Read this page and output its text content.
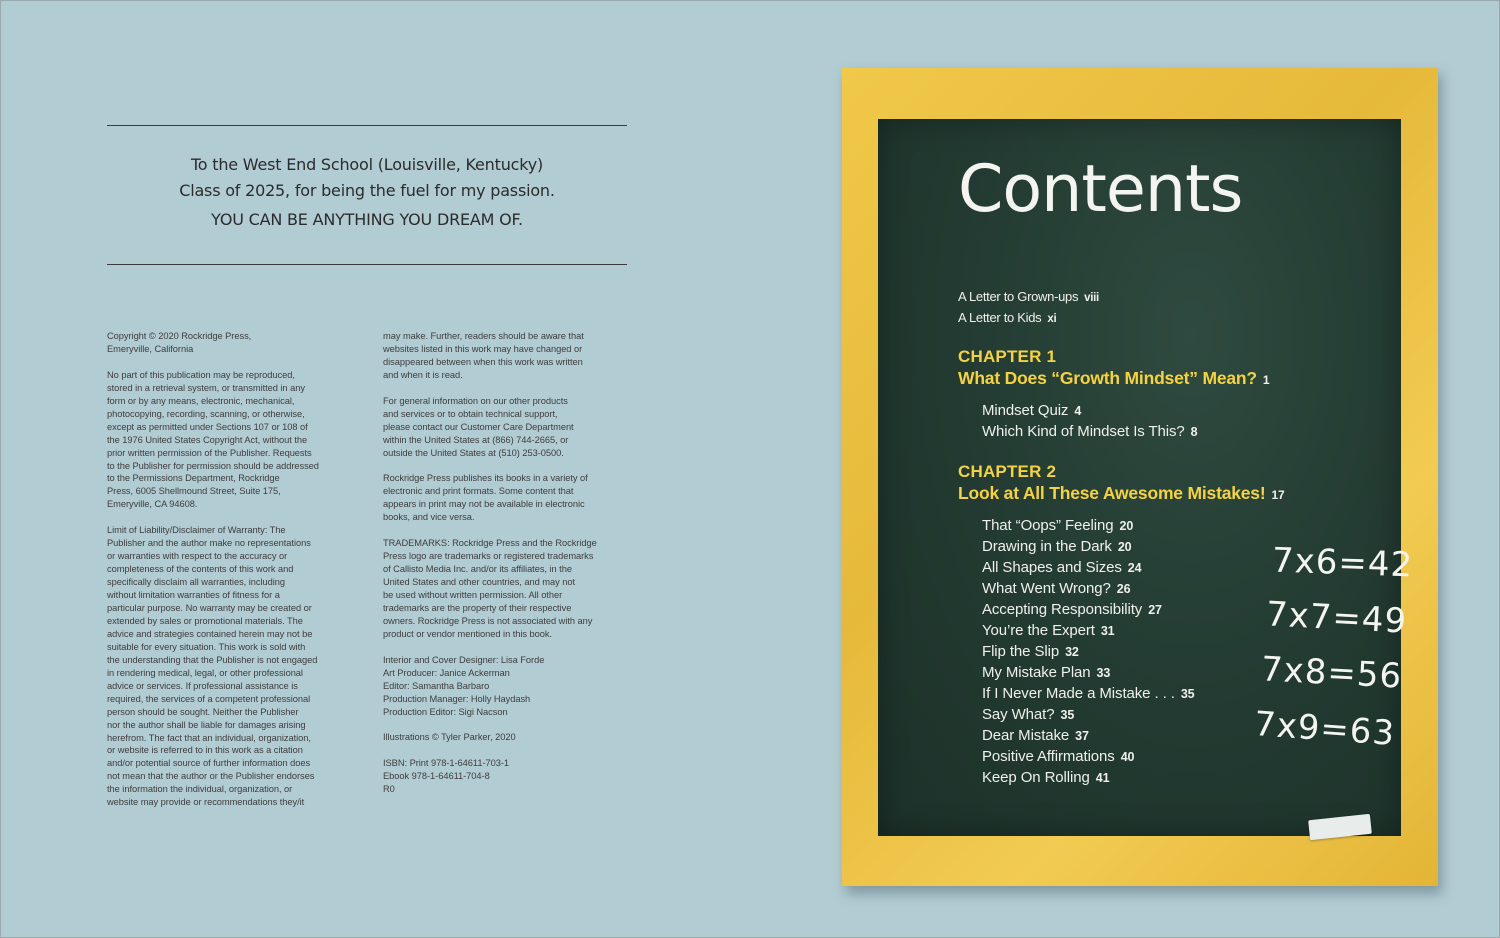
To the West End School (Louisville, Kentucky)
Class of 2025, for being the fuel for my passion.
YOU CAN BE ANYTHING YOU DREAM OF.

Copyright © 2020 Rockridge Press,
Emeryville, California

No part of this publication may be reproduced,
stored in a retrieval system, or transmitted in any
form or by any means, electronic, mechanical,
photocopying, recording, scanning, or otherwise,
except as permitted under Sections 107 or 108 of
the 1976 United States Copyright Act, without the
prior written permission of the Publisher. Requests
to the Publisher for permission should be addressed
to the Permissions Department, Rockridge
Press, 6005 Shellmound Street, Suite 175,
Emeryville, CA 94608.

Limit of Liability/Disclaimer of Warranty: The
Publisher and the author make no representations
or warranties with respect to the accuracy or
completeness of the contents of this work and
specifically disclaim all warranties, including
without limitation warranties of fitness for a
particular purpose. No warranty may be created or
extended by sales or promotional materials. The
advice and strategies contained herein may not be
suitable for every situation. This work is sold with
the understanding that the Publisher is not engaged
in rendering medical, legal, or other professional
advice or services. If professional assistance is
required, the services of a competent professional
person should be sought. Neither the Publisher
nor the author shall be liable for damages arising
herefrom. The fact that an individual, organization,
or website is referred to in this work as a citation
and/or potential source of further information does
not mean that the author or the Publisher endorses
the information the individual, organization, or
website may provide or recommendations they/it

may make. Further, readers should be aware that
websites listed in this work may have changed or
disappeared between when this work was written
and when it is read.

For general information on our other products
and services or to obtain technical support,
please contact our Customer Care Department
within the United States at (866) 744-2665, or
outside the United States at (510) 253-0500.

Rockridge Press publishes its books in a variety of
electronic and print formats. Some content that
appears in print may not be available in electronic
books, and vice versa.

TRADEMARKS: Rockridge Press and the Rockridge
Press logo are trademarks or registered trademarks
of Callisto Media Inc. and/or its affiliates, in the
United States and other countries, and may not
be used without written permission. All other
trademarks are the property of their respective
owners. Rockridge Press is not associated with any
product or vendor mentioned in this book.

Interior and Cover Designer: Lisa Forde
Art Producer: Janice Ackerman
Editor: Samantha Barbaro
Production Manager: Holly Haydash
Production Editor: Sigi Nacson

Illustrations © Tyler Parker, 2020

ISBN: Print 978-1-64611-703-1
Ebook 978-1-64611-704-8
R0

Contents
A Letter to Grown-ups viii
A Letter to Kids xi
CHAPTER 1
What Does “Growth Mindset” Mean? 1
Mindset Quiz 4
Which Kind of Mindset Is This? 8
CHAPTER 2
Look at All These Awesome Mistakes! 17
That “Oops” Feeling 20
Drawing in the Dark 20
All Shapes and Sizes 24
What Went Wrong? 26
Accepting Responsibility 27
You’re the Expert 31
Flip the Slip 32
My Mistake Plan 33
If I Never Made a Mistake . . . 35
Say What? 35
Dear Mistake 37
Positive Affirmations 40
Keep On Rolling 41
7x6=42
7x7=49
7x8=56
7x9=63
